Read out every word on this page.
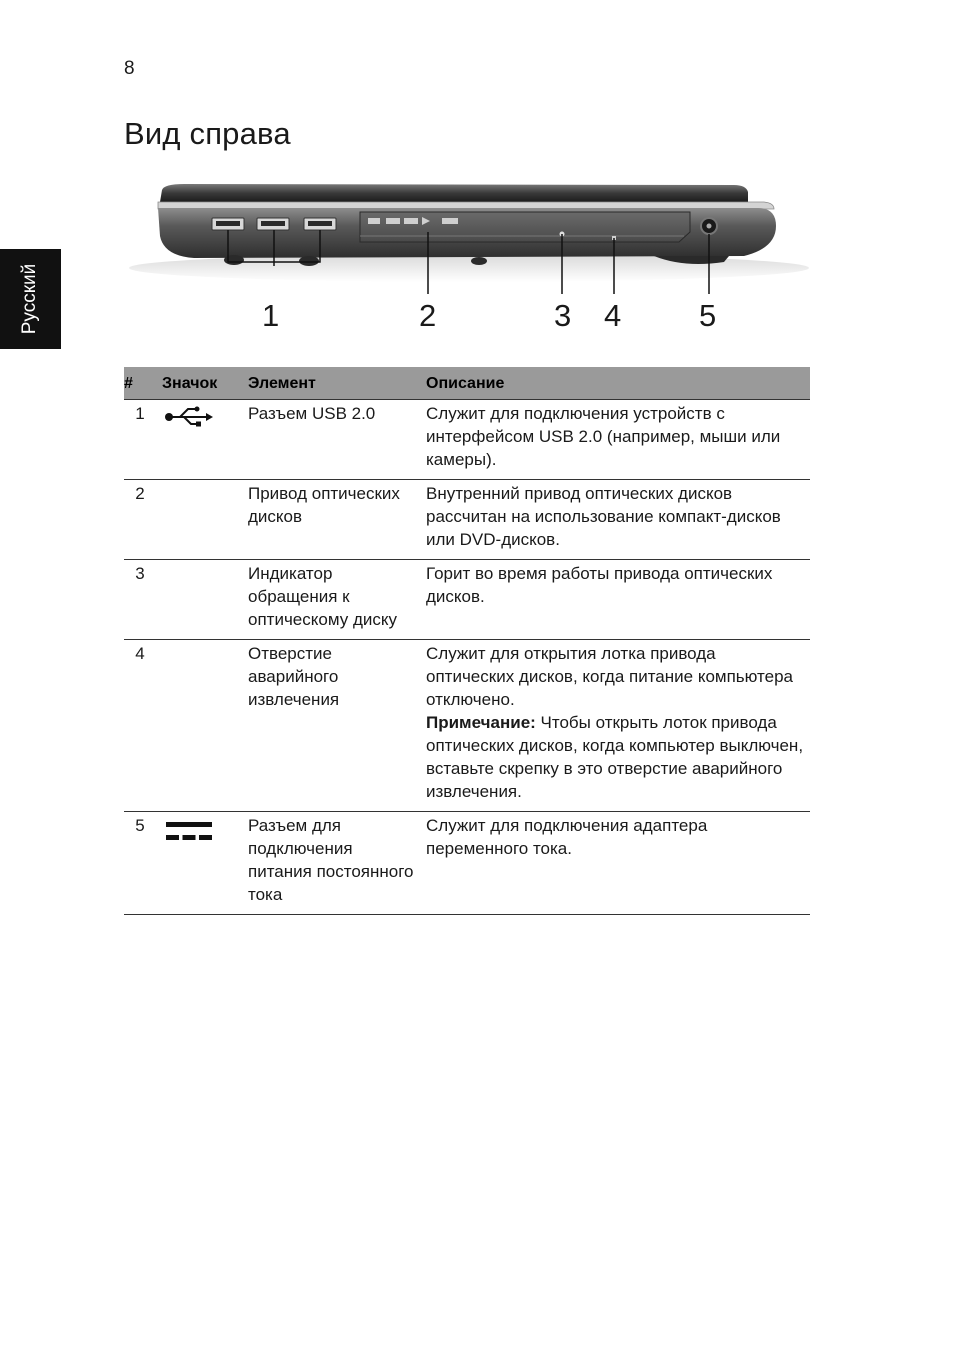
8
Вид справа
Русский	1	2	3 4	5
#	Значок	Элемент	Описание
1		Разъем USB 2.0	Служит для подключения устройств с интерфейсом USB 2.0 (например, мыши или камеры).

2		Привод оптических дисков	Внутренний привод оптических дисков рассчитан на использование компакт-дисков или DVD-дисков.

3		Индикатор обращения к оптическому диску	Горит во время работы привода оптических дисков.

4		Отверстие аварийного извлечения	Служит для открытия лотка привода оптических дисков, когда питание компьютера отключено.
Примечание: Чтобы открыть лоток привода оптических дисков, когда компьютер выключен, вставьте скрепку в это отверстие аварийного извлечения.

5		Разъем для подключения питания постоянного тока	Служит для подключения адаптера переменного тока.
